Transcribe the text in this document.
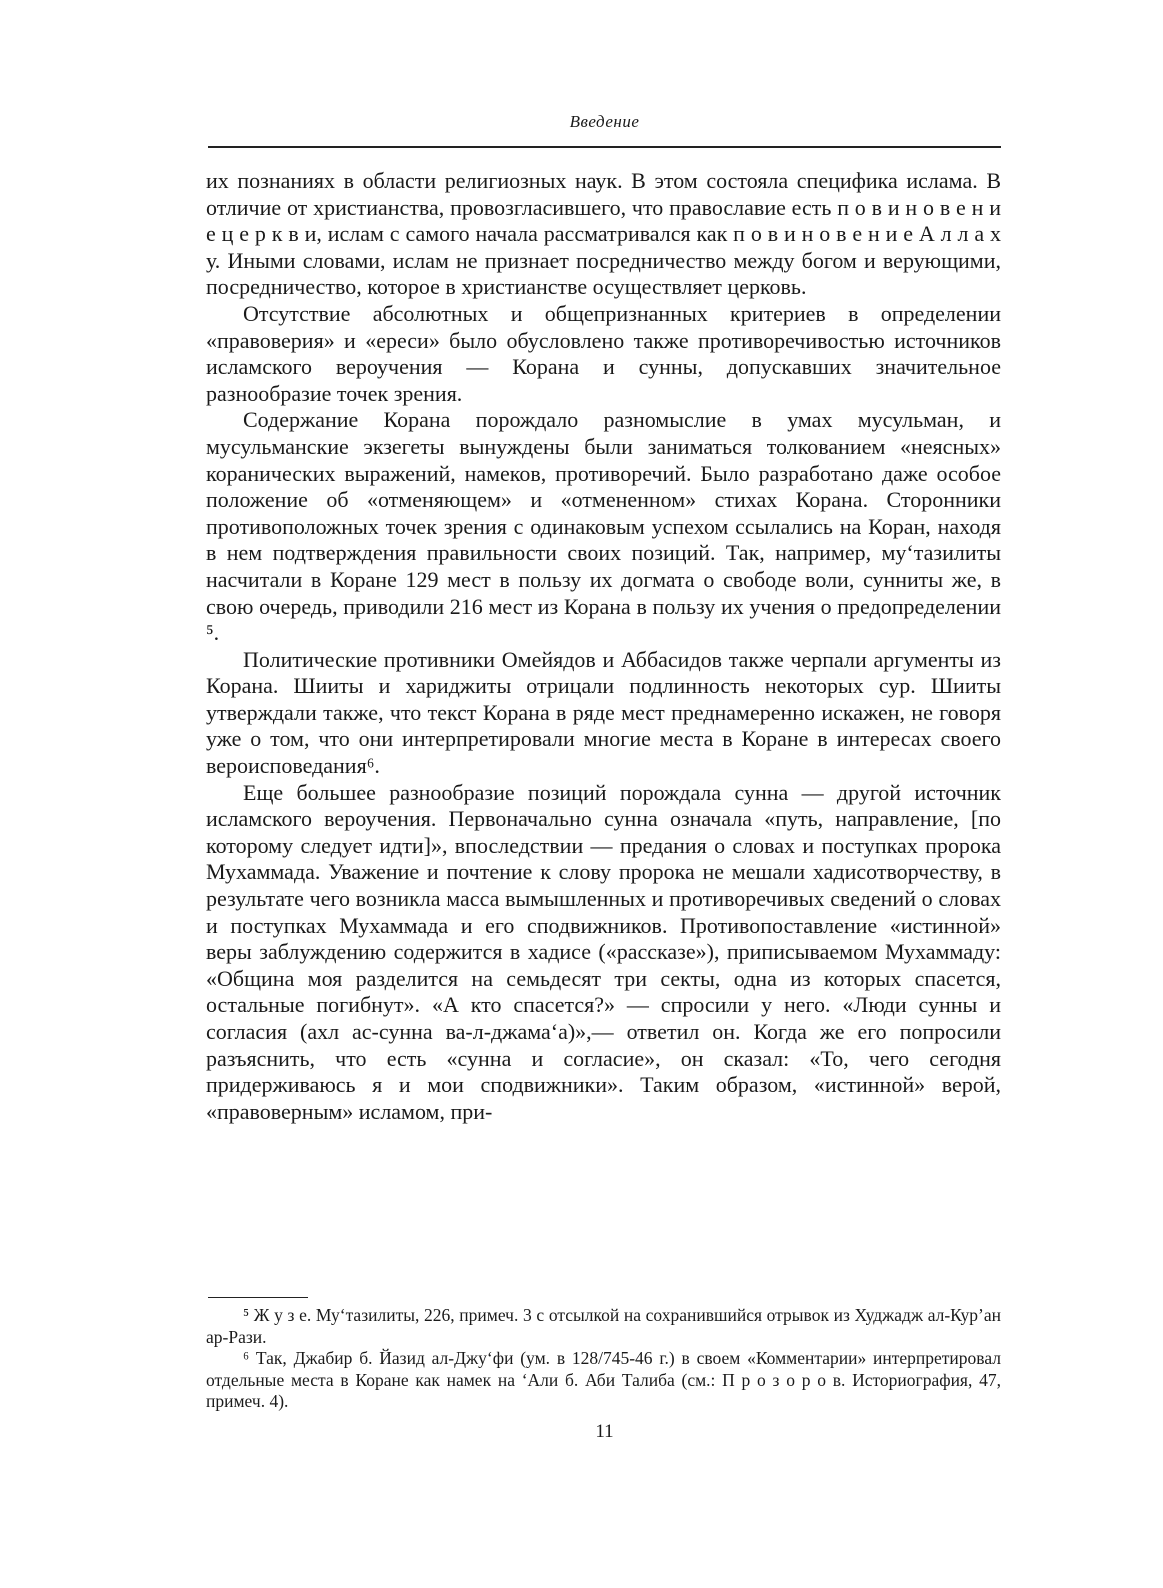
Введение

их познаниях в области религиозных наук. В этом состояла специфика ислама. В отличие от христианства, провозгласившего, что православие есть п о в и н о в е н и е ц е р к в и, ислам с самого начала рассматривался как п о в и н о в е н и е А л л а х у. Иными словами, ислам не признает посредничество между богом и верующими, посредничество, которое в христианстве осуществляет церковь.

Отсутствие абсолютных и общепризнанных критериев в определении «правоверия» и «ереси» было обусловлено также противоречивостью источников исламского вероучения — Корана и сунны, допускавших значительное разнообразие точек зрения.

Содержание Корана порождало разномыслие в умах мусульман, и мусульманские экзегеты вынуждены были заниматься толкованием «неясных» коранических выражений, намеков, противоречий. Было разработано даже особое положение об «отменяющем» и «отмененном» стихах Корана. Сторонники противоположных точек зрения с одинаковым успехом ссылались на Коран, находя в нем подтверждения правильности своих позиций. Так, например, му‘тазилиты насчитали в Коране 129 мест в пользу их догмата о свободе воли, сунниты же, в свою очередь, приводили 216 мест из Корана в пользу их учения о предопределении ⁵.

Политические противники Омейядов и Аббасидов также черпали аргументы из Корана. Шииты и хариджиты отрицали подлинность некоторых сур. Шииты утверждали также, что текст Корана в ряде мест преднамеренно искажен, не говоря уже о том, что они интерпретировали многие места в Коране в интересах своего вероисповедания⁶.

Еще большее разнообразие позиций порождала сунна — другой источник исламского вероучения. Первоначально сунна означала «путь, направление, [по которому следует идти]», впоследствии — предания о словах и поступках пророка Мухаммада. Уважение и почтение к слову пророка не мешали хадисотворчеству, в результате чего возникла масса вымышленных и противоречивых сведений о словах и поступках Мухаммада и его сподвижников. Противопоставление «истинной» веры заблуждению содержится в хадисе («рассказе»), приписываемом Мухаммаду: «Община моя разделится на семьдесят три секты, одна из которых спасется, остальные погибнут». «А кто спасется?» — спросили у него. «Люди сунны и согласия (ахл ас-сунна ва-л-джама‘а)»,— ответил он. Когда же его попросили разъяснить, что есть «сунна и согласие», он сказал: «То, чего сегодня придерживаюсь я и мои сподвижники». Таким образом, «истинной» верой, «правоверным» исламом, при-

⁵ Ж у з е. Му‘тазилиты, 226, примеч. 3 с отсылкой на сохранившийся отрывок из Худжадж ал-Кур’ан ар-Рази.

⁶ Так, Джабир б. Йазид ал-Джу‘фи (ум. в 128/745-46 г.) в своем «Комментарии» интерпретировал отдельные места в Коране как намек на ‘Али б. Аби Талиба (см.: П р о з о р о в. Историография, 47, примеч. 4).

11
